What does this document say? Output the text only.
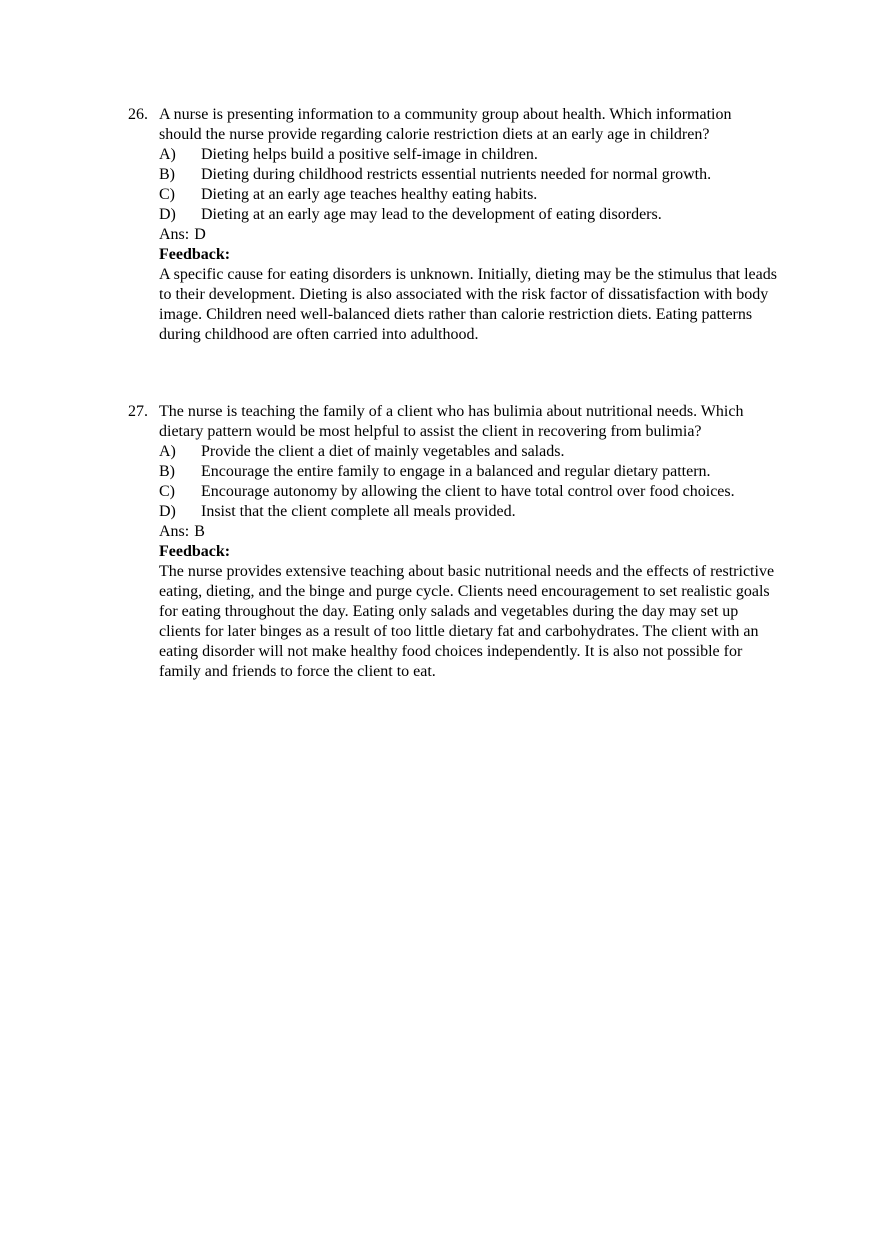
26. A nurse is presenting information to a community group about health. Which information should the nurse provide regarding calorie restriction diets at an early age in children?

A)	Dieting helps build a positive self-image in children.
B)	Dieting during childhood restricts essential nutrients needed for normal growth.
C)	Dieting at an early age teaches healthy eating habits.
D)	Dieting at an early age may lead to the development of eating disorders.
Ans: D
Feedback:

A specific cause for eating disorders is unknown. Initially, dieting may be the stimulus that leads to their development. Dieting is also associated with the risk factor of dissatisfaction with body image. Children need well-balanced diets rather than calorie restriction diets. Eating patterns during childhood are often carried into adulthood.

27. The nurse is teaching the family of a client who has bulimia about nutritional needs. Which dietary pattern would be most helpful to assist the client in recovering from bulimia?

A)	Provide the client a diet of mainly vegetables and salads.
B)	Encourage the entire family to engage in a balanced and regular dietary pattern.
C)	Encourage autonomy by allowing the client to have total control over food choices.
D)	Insist that the client complete all meals provided.
Ans: B
Feedback:

The nurse provides extensive teaching about basic nutritional needs and the effects of restrictive eating, dieting, and the binge and purge cycle. Clients need encouragement to set realistic goals for eating throughout the day. Eating only salads and vegetables during the day may set up clients for later binges as a result of too little dietary fat and carbohydrates. The client with an eating disorder will not make healthy food choices independently. It is also not possible for family and friends to force the client to eat.
